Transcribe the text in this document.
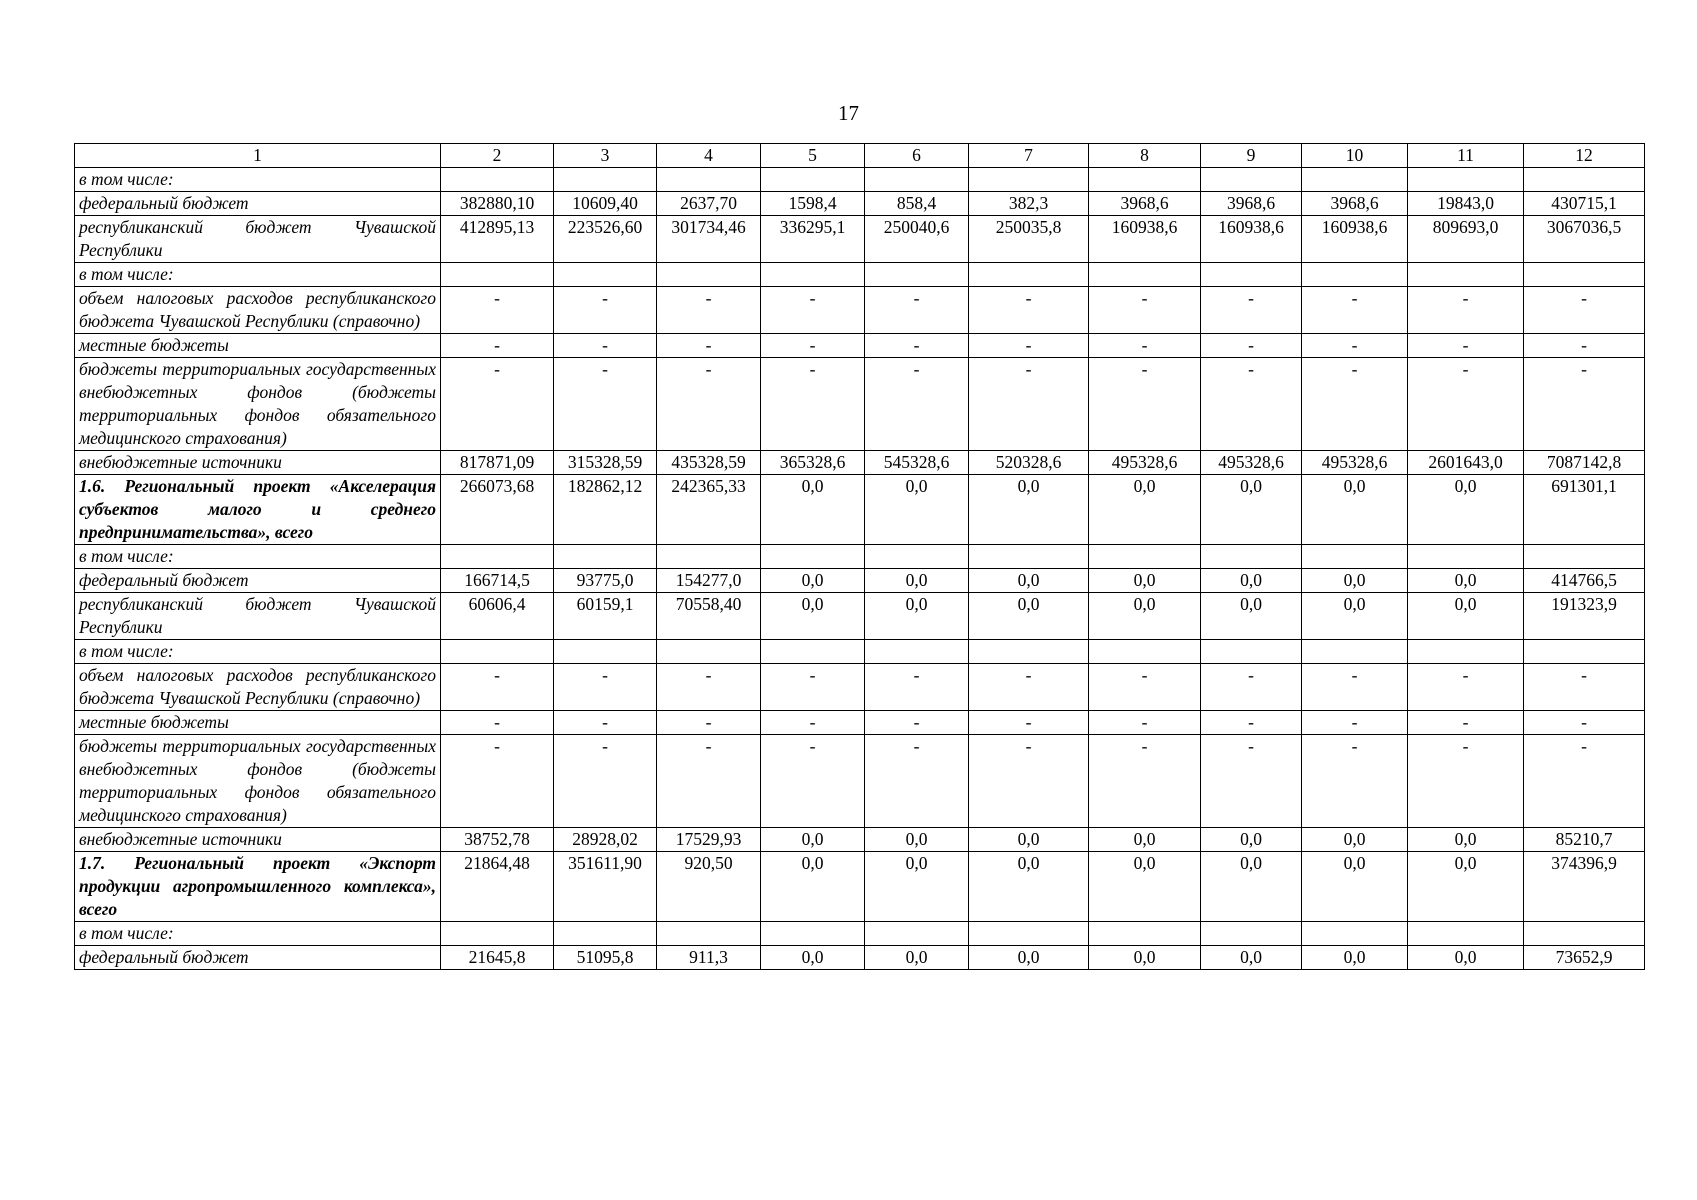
17
1	2	3	4	5	6	7	8	9	10	11	12
в том числе:											
федеральный бюджет	382880,10	10609,40	2637,70	1598,4	858,4	382,3	3968,6	3968,6	3968,6	19843,0	430715,1
республиканский бюджет Чувашской Республики	412895,13	223526,60	301734,46	336295,1	250040,6	250035,8	160938,6	160938,6	160938,6	809693,0	3067036,5
в том числе:											
объем налоговых расходов республиканского бюджета Чувашской Республики (справочно)	-	-	-	-	-	-	-	-	-	-	-
местные бюджеты	-	-	-	-	-	-	-	-	-	-	-
бюджеты территориальных государственных внебюджетных фондов (бюджеты территориальных фондов обязательного медицинского страхования)	-	-	-	-	-	-	-	-	-	-	-
внебюджетные источники	817871,09	315328,59	435328,59	365328,6	545328,6	520328,6	495328,6	495328,6	495328,6	2601643,0	7087142,8
1.6. Региональный проект «Акселерация субъектов малого и среднего предпринимательства», всего	266073,68	182862,12	242365,33	0,0	0,0	0,0	0,0	0,0	0,0	0,0	691301,1
в том числе:											
федеральный бюджет	166714,5	93775,0	154277,0	0,0	0,0	0,0	0,0	0,0	0,0	0,0	414766,5
республиканский бюджет Чувашской Республики	60606,4	60159,1	70558,40	0,0	0,0	0,0	0,0	0,0	0,0	0,0	191323,9
в том числе:											
объем налоговых расходов республиканского бюджета Чувашской Республики (справочно)	-	-	-	-	-	-	-	-	-	-	-
местные бюджеты	-	-	-	-	-	-	-	-	-	-	-
бюджеты территориальных государственных внебюджетных фондов (бюджеты территориальных фондов обязательного медицинского страхования)	-	-	-	-	-	-	-	-	-	-	-
внебюджетные источники	38752,78	28928,02	17529,93	0,0	0,0	0,0	0,0	0,0	0,0	0,0	85210,7
1.7. Региональный проект «Экспорт продукции агропромышленного комплекса», всего	21864,48	351611,90	920,50	0,0	0,0	0,0	0,0	0,0	0,0	0,0	374396,9
в том числе:											
федеральный бюджет	21645,8	51095,8	911,3	0,0	0,0	0,0	0,0	0,0	0,0	0,0	73652,9
